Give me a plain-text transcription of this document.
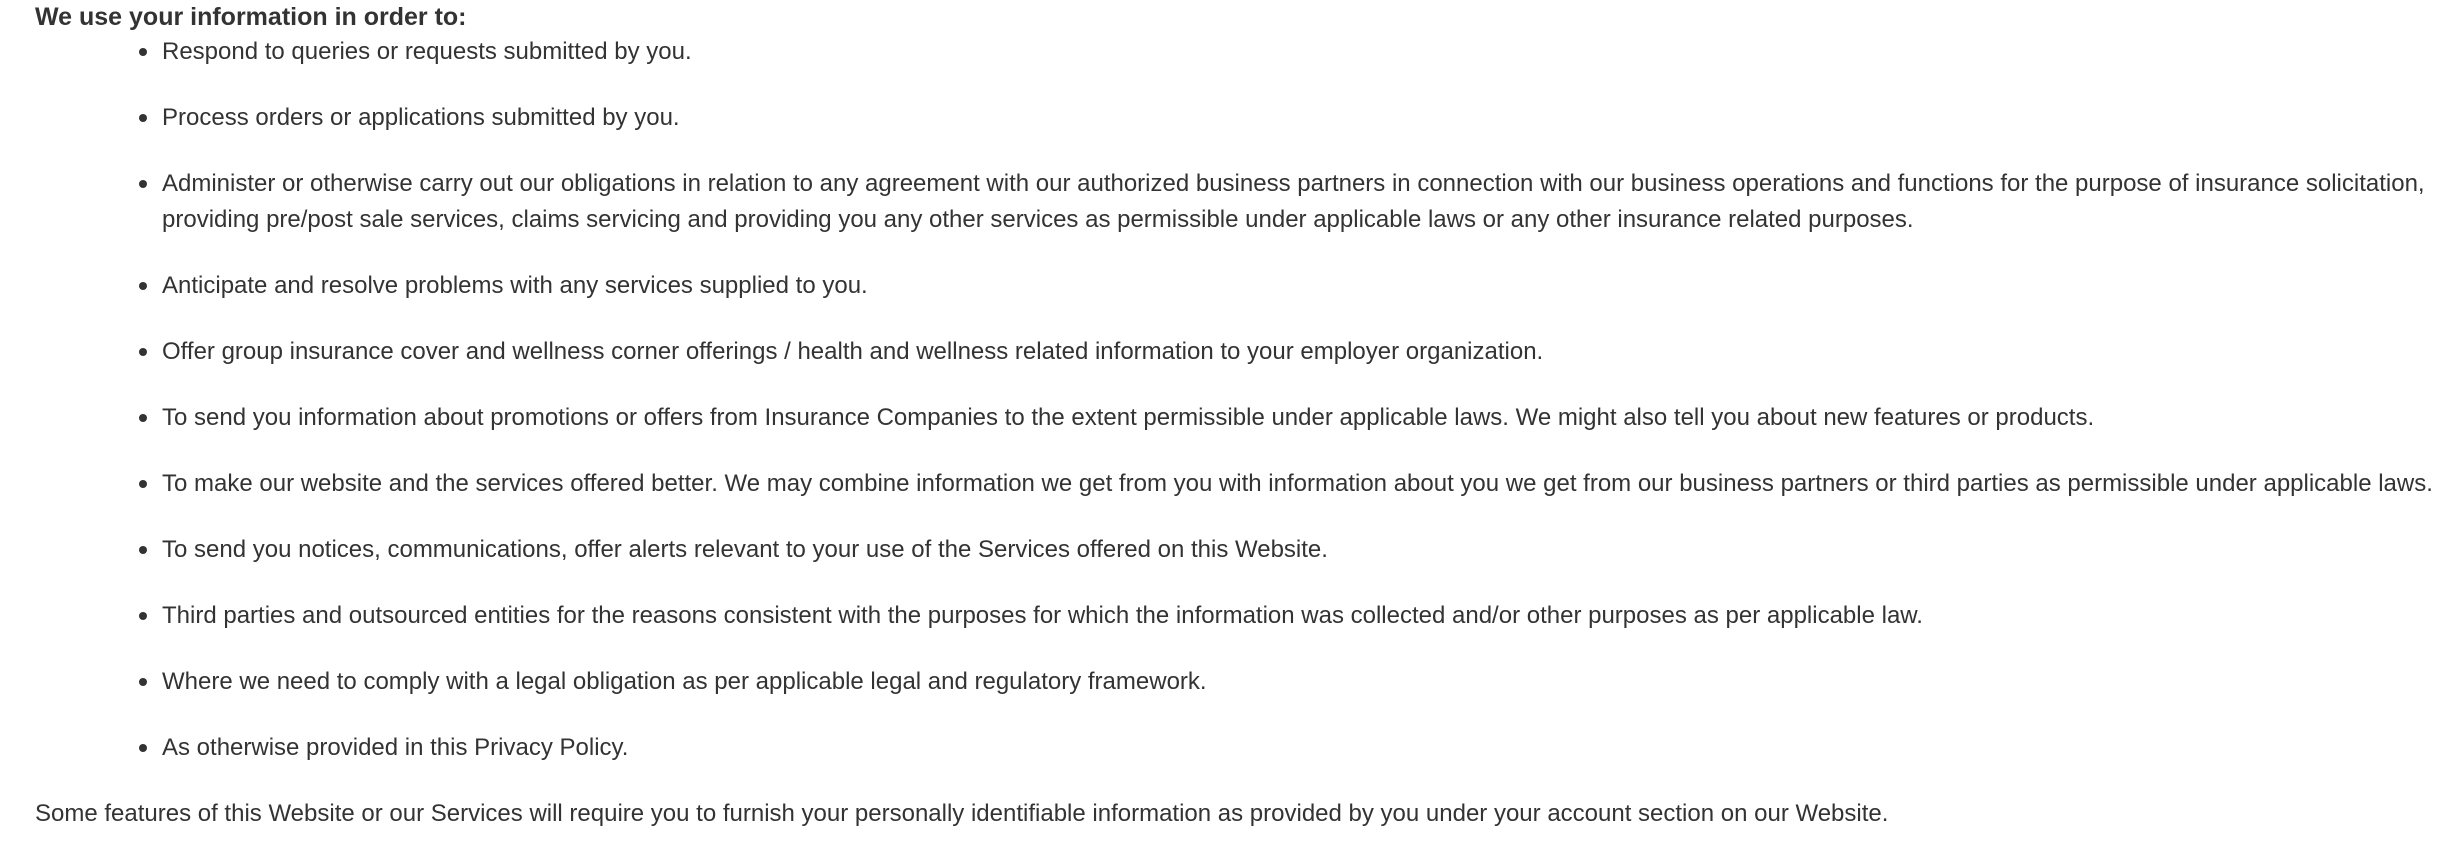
We use your information in order to:

Respond to queries or requests submitted by you.
Process orders or applications submitted by you.
Administer or otherwise carry out our obligations in relation to any agreement with our authorized business partners in connection with our business operations and functions for the purpose of insurance solicitation, providing pre/post sale services, claims servicing and providing you any other services as permissible under applicable laws or any other insurance related purposes.
Anticipate and resolve problems with any services supplied to you.
Offer group insurance cover and wellness corner offerings / health and wellness related information to your employer organization.
To send you information about promotions or offers from Insurance Companies to the extent permissible under applicable laws. We might also tell you about new features or products.
To make our website and the services offered better. We may combine information we get from you with information about you we get from our business partners or third parties as permissible under applicable laws.
To send you notices, communications, offer alerts relevant to your use of the Services offered on this Website.
Third parties and outsourced entities for the reasons consistent with the purposes for which the information was collected and/or other purposes as per applicable law.
Where we need to comply with a legal obligation as per applicable legal and regulatory framework.
As otherwise provided in this Privacy Policy.

Some features of this Website or our Services will require you to furnish your personally identifiable information as provided by you under your account section on our Website.
